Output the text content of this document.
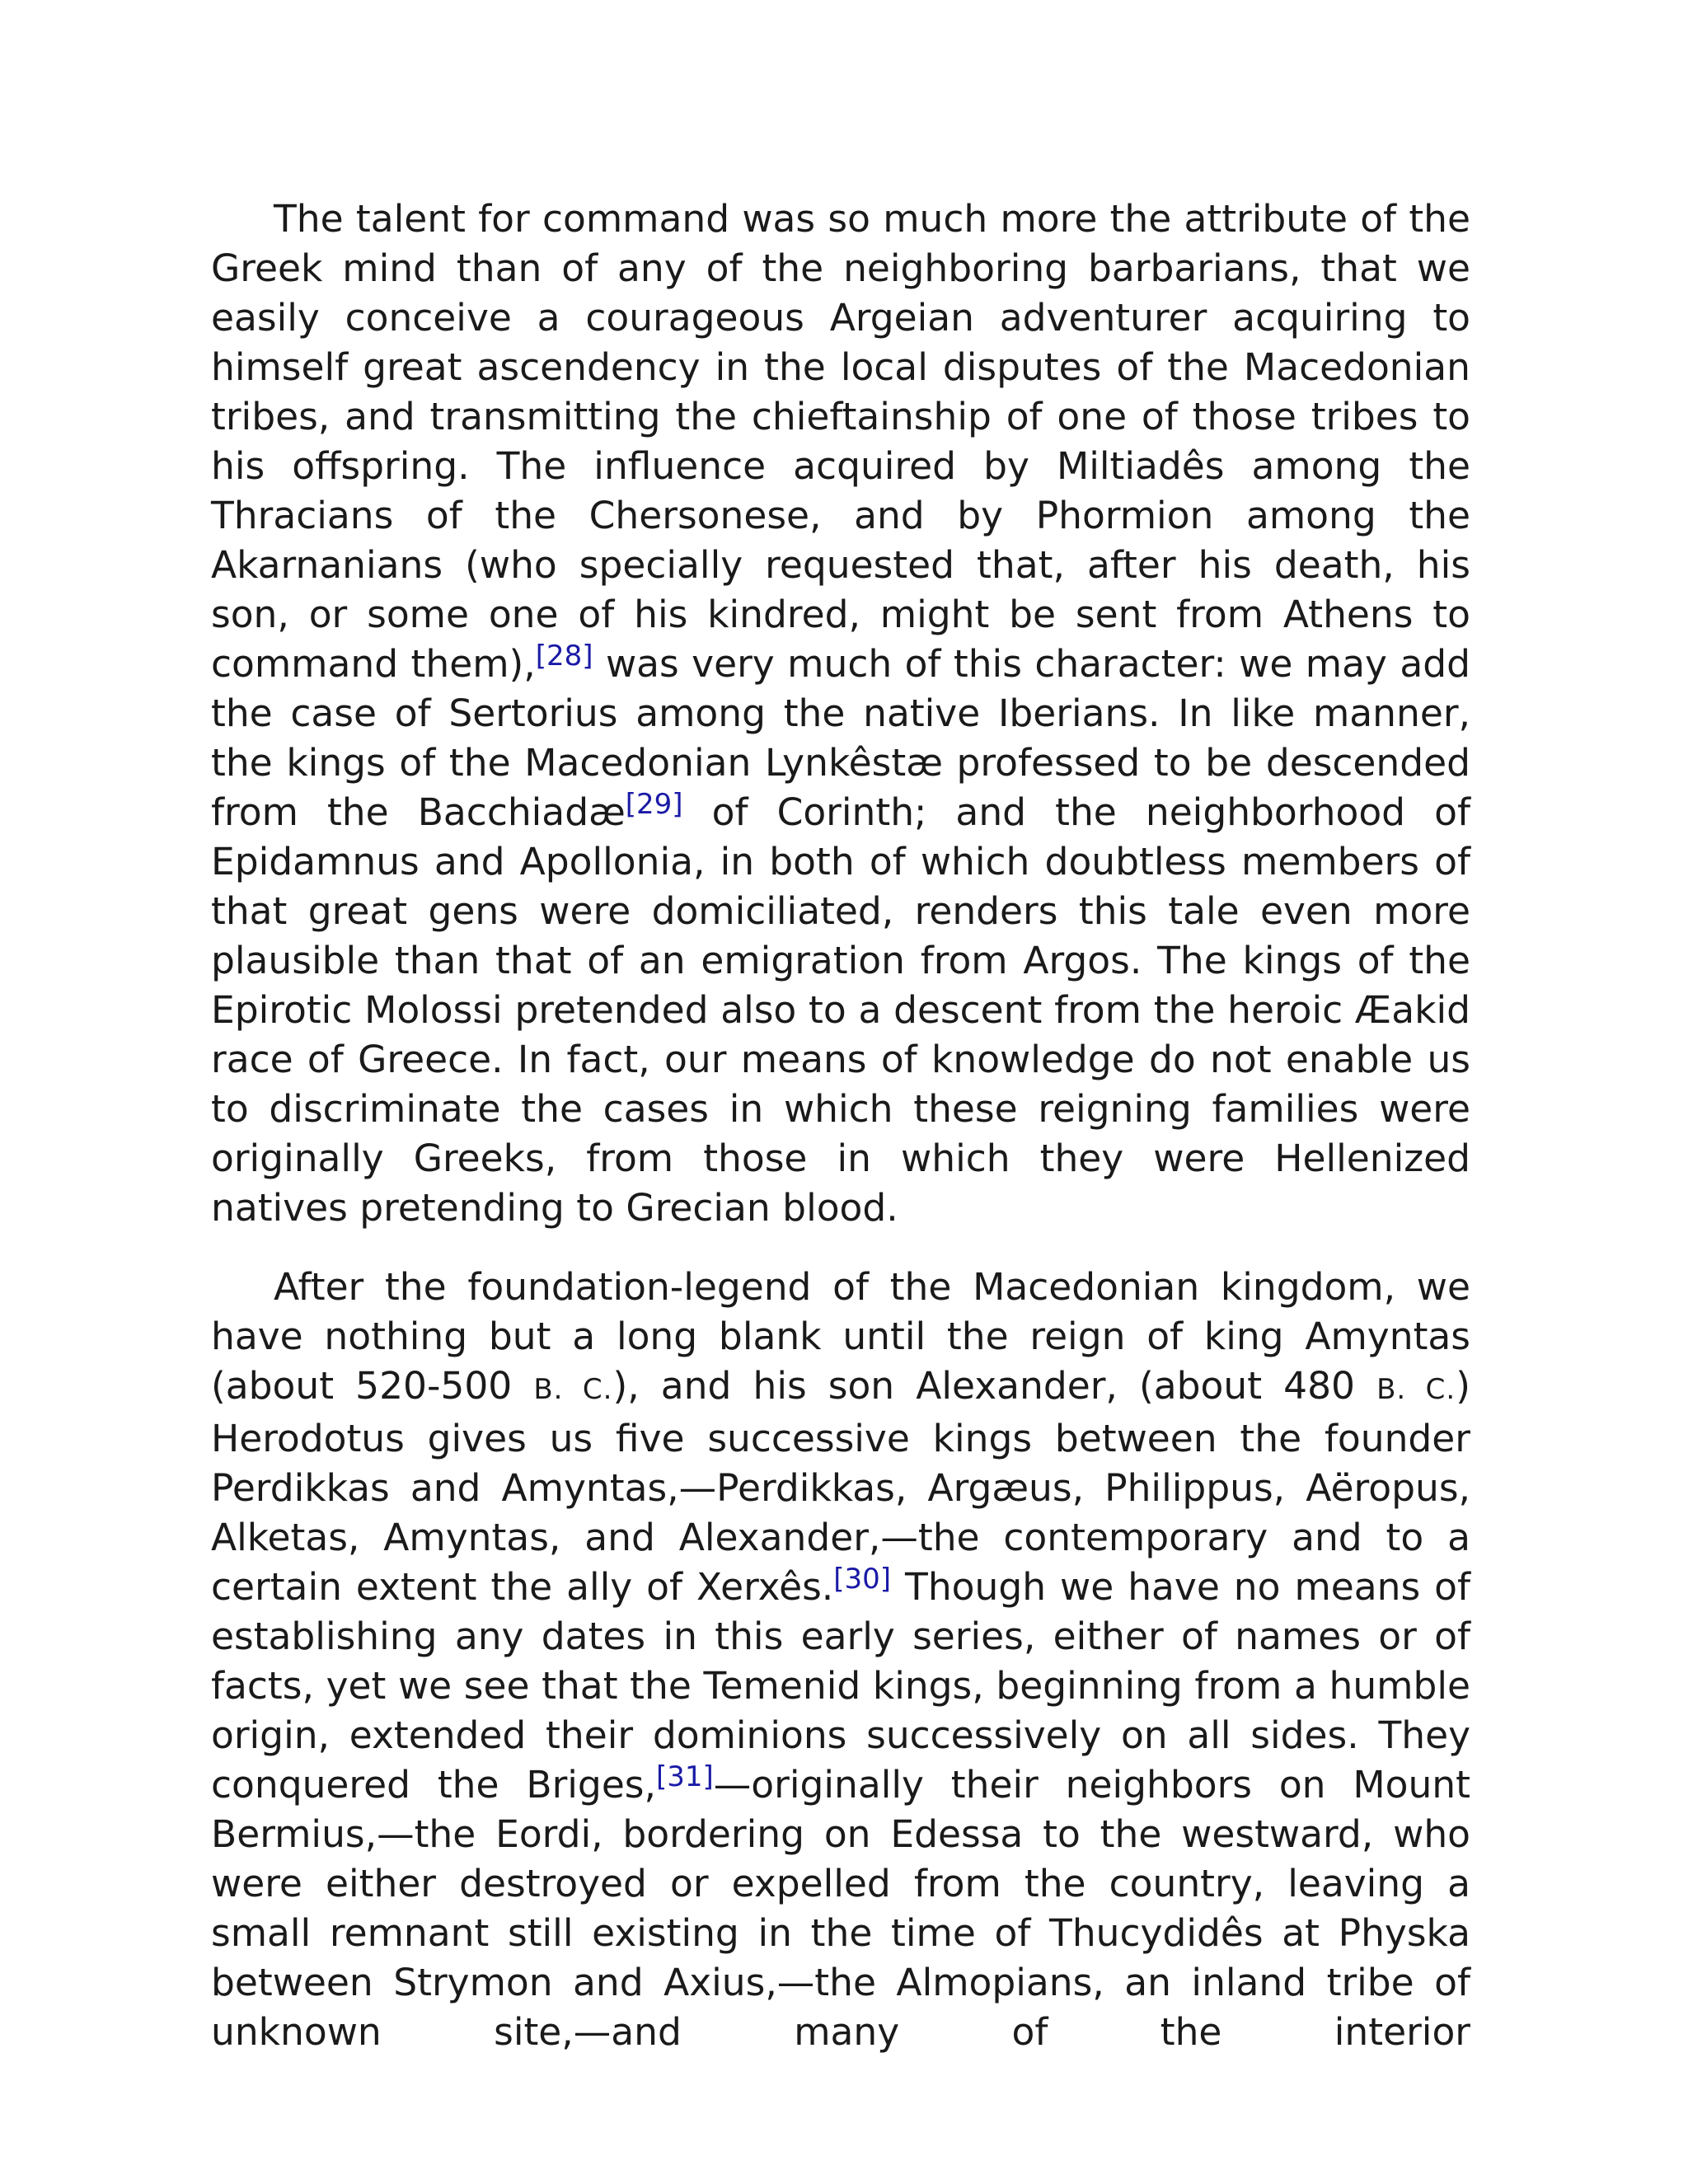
The talent for command was so much more the attribute of the Greek mind than of any of the neighboring barbarians, that we easily conceive a courageous Argeian adventurer acquiring to himself great ascendency in the local disputes of the Macedonian tribes, and transmitting the chieftainship of one of those tribes to his offspring. The influence acquired by Miltiadês among the Thracians of the Chersonese, and by Phormion among the Akarnanians (who specially requested that, after his death, his son, or some one of his kindred, might be sent from Athens to command them),[28] was very much of this character: we may add the case of Sertorius among the native Iberians. In like manner, the kings of the Macedonian Lynkêstæ professed to be descended from the Bacchiadæ[29] of Corinth; and the neighborhood of Epidamnus and Apollonia, in both of which doubtless members of that great gens were domiciliated, renders this tale even more plausible than that of an emigration from Argos. The kings of the Epirotic Molossi pretended also to a descent from the heroic Æakid race of Greece. In fact, our means of knowledge do not enable us to discriminate the cases in which these reigning families were originally Greeks, from those in which they were Hellenized natives pretending to Grecian blood.

After the foundation-legend of the Macedonian kingdom, we have nothing but a long blank until the reign of king Amyntas (about 520-500 B. C.), and his son Alexander, (about 480 B. C.) Herodotus gives us five successive kings between the founder Perdikkas and Amyntas,—Perdikkas, Argæus, Philippus, Aëropus, Alketas, Amyntas, and Alexander,—the contemporary and to a certain extent the ally of Xerxês.[30] Though we have no means of establishing any dates in this early series, either of names or of facts, yet we see that the Temenid kings, beginning from a humble origin, extended their dominions successively on all sides. They conquered the Briges,[31]—originally their neighbors on Mount Bermius,—the Eordi, bordering on Edessa to the westward, who were either destroyed or expelled from the country, leaving a small remnant still existing in the time of Thucydidês at Physka between Strymon and Axius,—the Almopians, an inland tribe of unknown site,—and many of the interior
